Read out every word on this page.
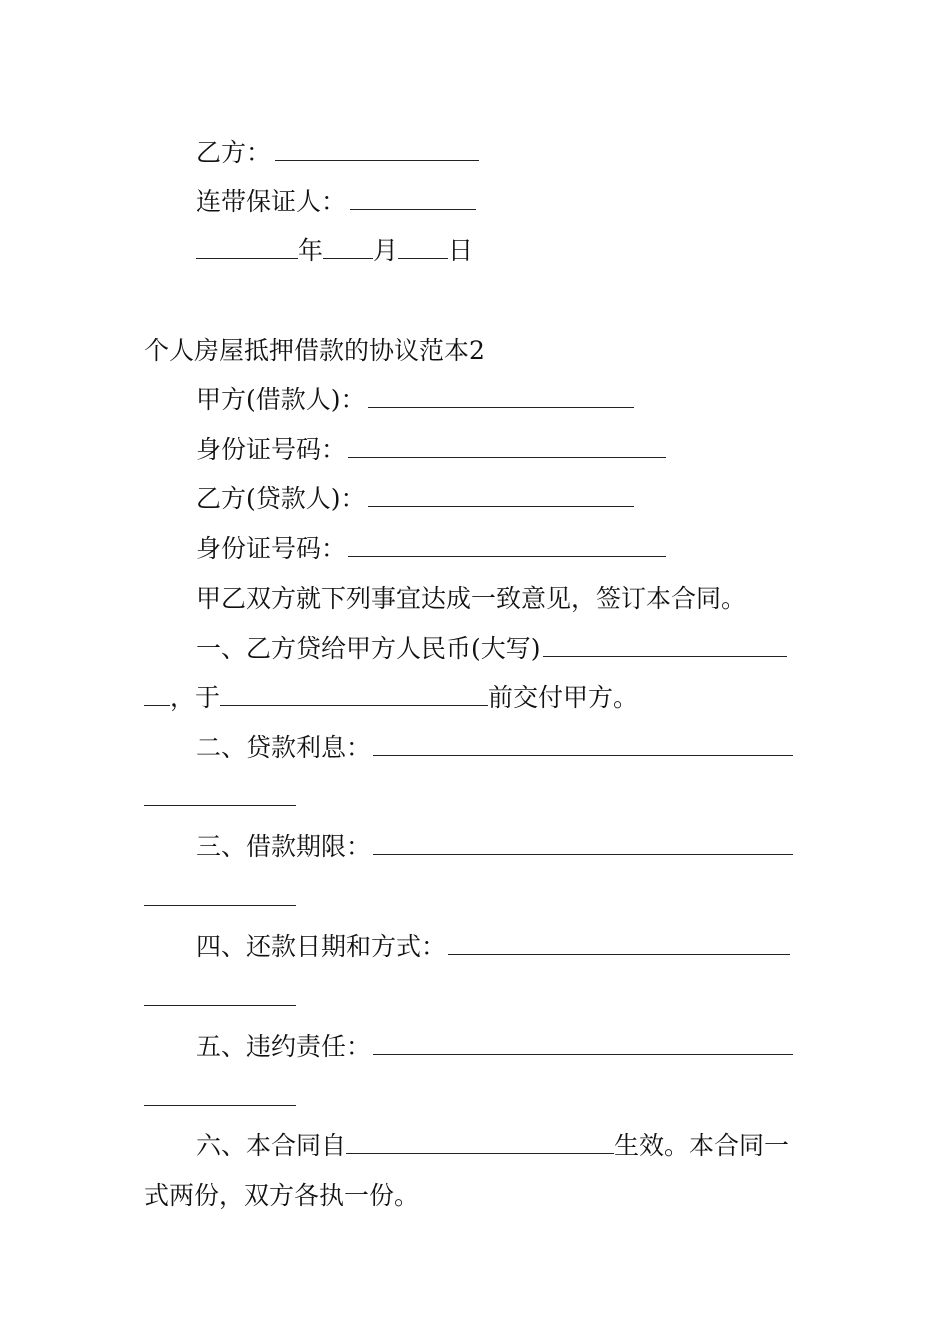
乙方：
连带保证人：
年 月 日
个人房屋抵押借款的协议范本2
甲方(借款人)：
身份证号码：
乙方(贷款人)：
身份证号码：
甲乙双方就下列事宜达成一致意见，签订本合同。
一、乙方贷给甲方人民币(大写)
，于	前交付甲方。
二、贷款利息：
三、借款期限：
四、还款日期和方式：
五、违约责任：
六、本合同自	生效。本合同一
式两份，双方各执一份。
